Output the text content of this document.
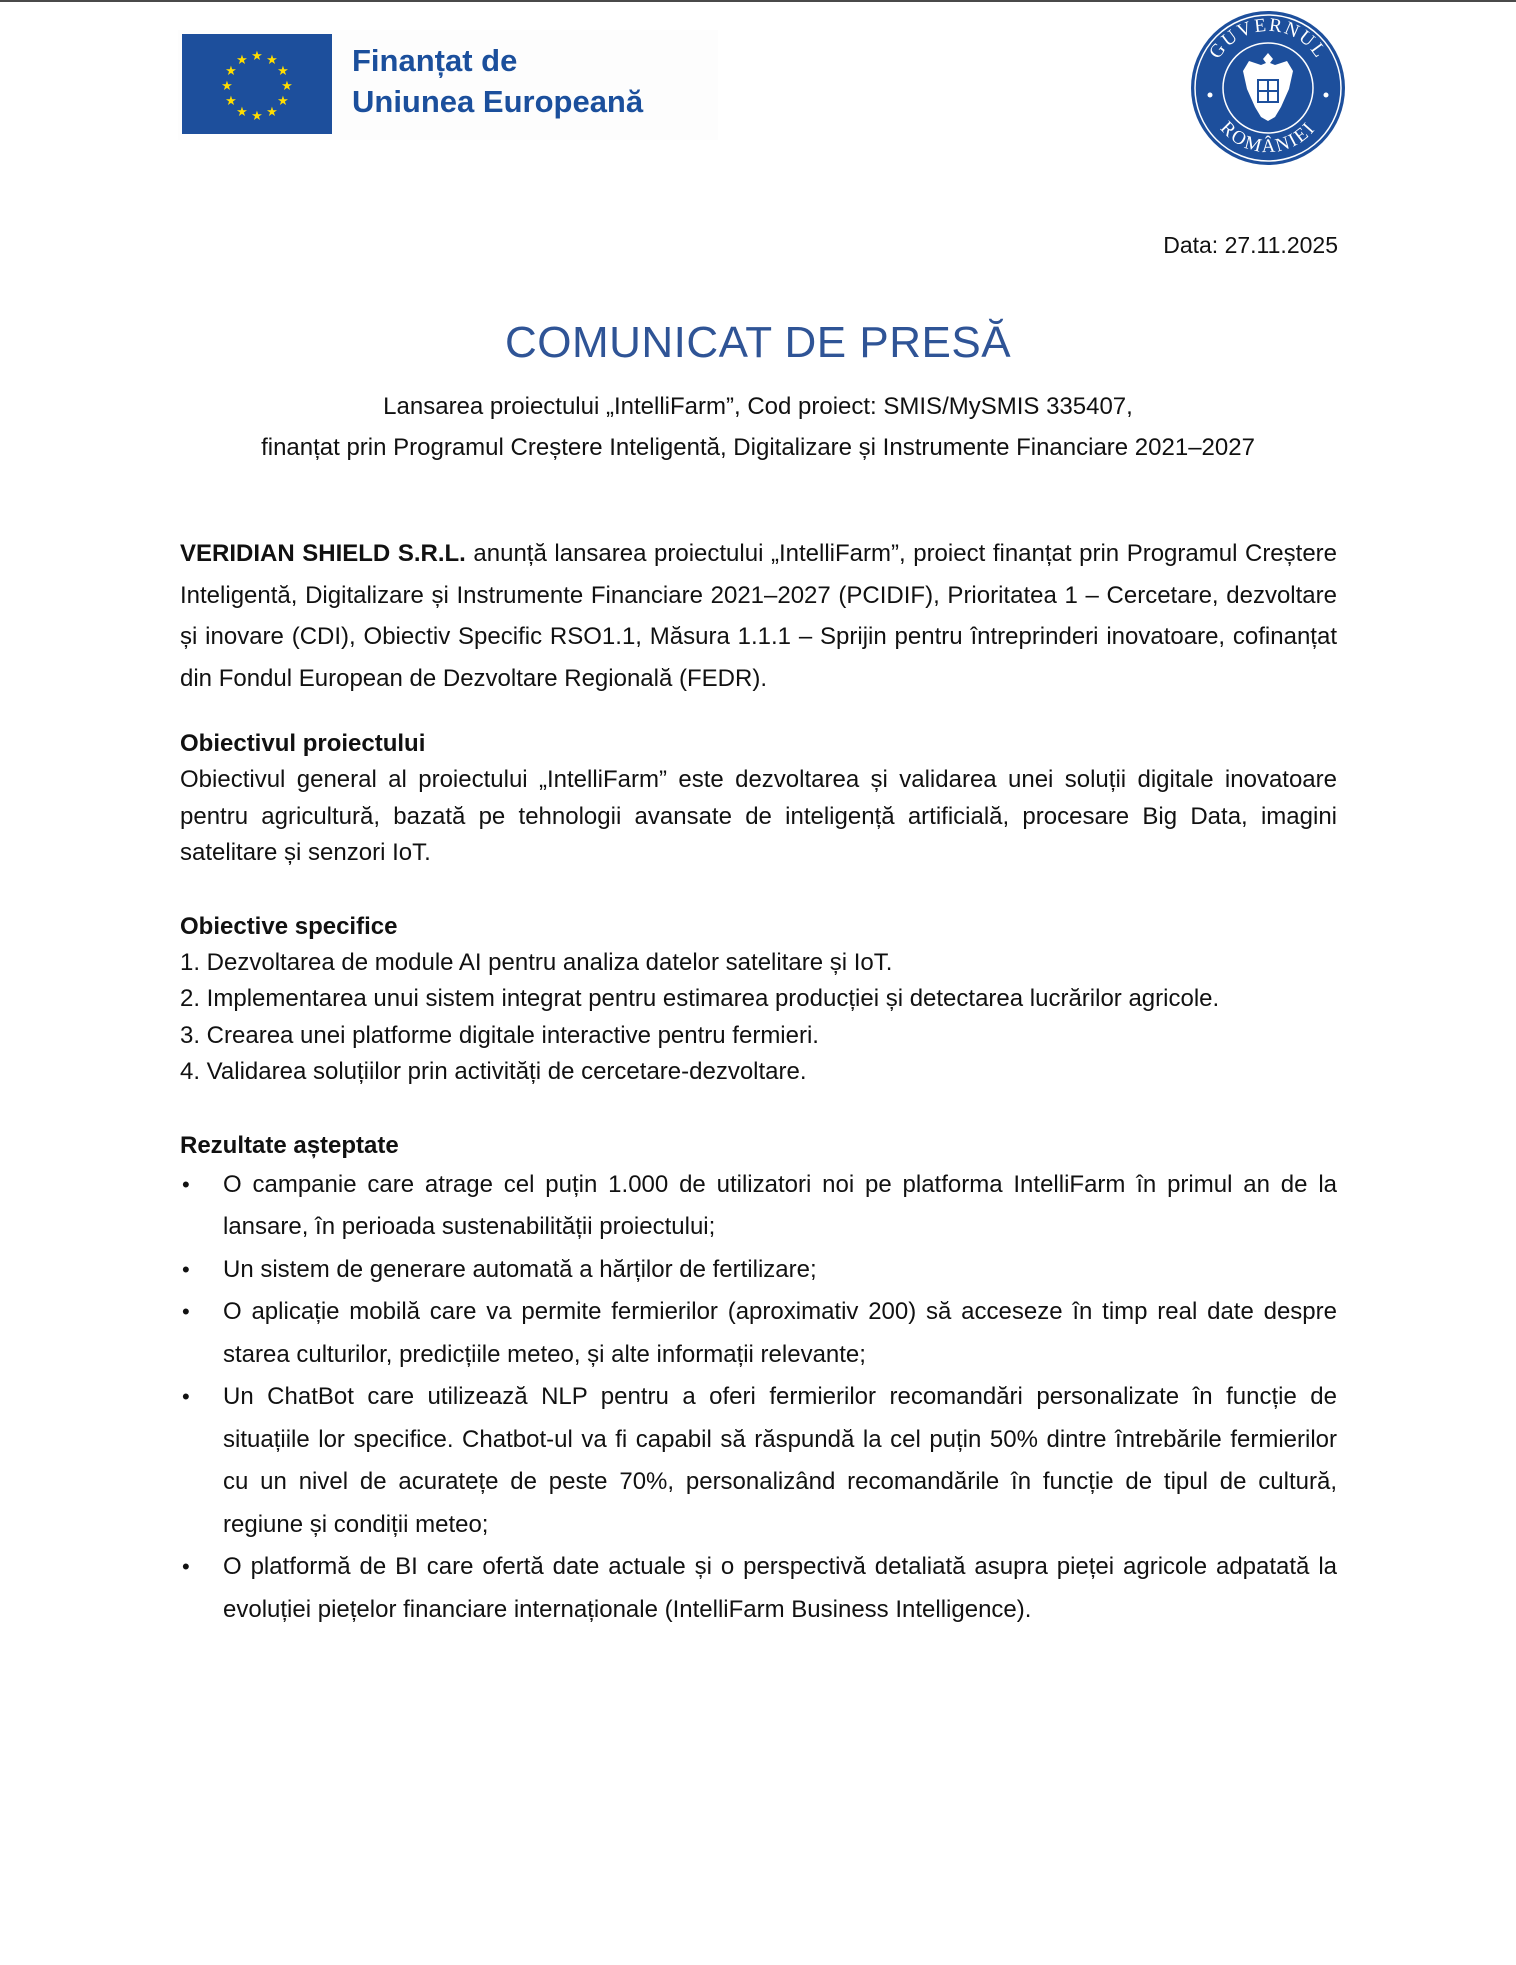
★ ★
★
★
★
★
★
★
★
★
★
★	Finanțat de
Uniunea Europeană
GUVERNUL
ROMÂNIEI
Data: 27.11.2025
COMUNICAT DE PRESĂ
Lansarea proiectului „IntelliFarm”, Cod proiect: SMIS/MySMIS 335407,
finanțat prin Programul Creștere Inteligentă, Digitalizare și Instrumente Financiare 2021–2027

VERIDIAN SHIELD S.R.L. anunță lansarea proiectului „IntelliFarm”, proiect finanțat prin Programul Creștere Inteligentă, Digitalizare și Instrumente Financiare 2021–2027 (PCIDIF), Prioritatea 1 – Cercetare, dezvoltare și inovare (CDI), Obiectiv Specific RSO1.1, Măsura 1.1.1 – Sprijin pentru întreprinderi inovatoare, cofinanțat din Fondul European de Dezvoltare Regională (FEDR).

Obiectivul proiectului

Obiectivul general al proiectului „IntelliFarm” este dezvoltarea și validarea unei soluții digitale inovatoare pentru agricultură, bazată pe tehnologii avansate de inteligență artificială, procesare Big Data, imagini satelitare și senzori IoT.

Obiective specifice

1. Dezvoltarea de module AI pentru analiza datelor satelitare și IoT.
2. Implementarea unui sistem integrat pentru estimarea producției și detectarea lucrărilor agricole.
3. Crearea unei platforme digitale interactive pentru fermieri.
4. Validarea soluțiilor prin activități de cercetare-dezvoltare.

Rezultate așteptate

• O campanie care atrage cel puțin 1.000 de utilizatori noi pe platforma IntelliFarm în primul an de la lansare, în perioada sustenabilității proiectului;
• Un sistem de generare automată a hărților de fertilizare;
• O aplicație mobilă care va permite fermierilor (aproximativ 200) să acceseze în timp real date despre starea culturilor, predicțiile meteo, și alte informații relevante;
• Un ChatBot care utilizează NLP pentru a oferi fermierilor recomandări personalizate în funcție de situațiile lor specifice. Chatbot-ul va fi capabil să răspundă la cel puțin 50% dintre întrebările fermierilor cu un nivel de acuratețe de peste 70%, personalizând recomandările în funcție de tipul de cultură, regiune și condiții meteo;
• O platformă de BI care ofertă date actuale și o perspectivă detaliată asupra pieței agricole adpatată la evoluției piețelor financiare internaționale (IntelliFarm Business Intelligence).
